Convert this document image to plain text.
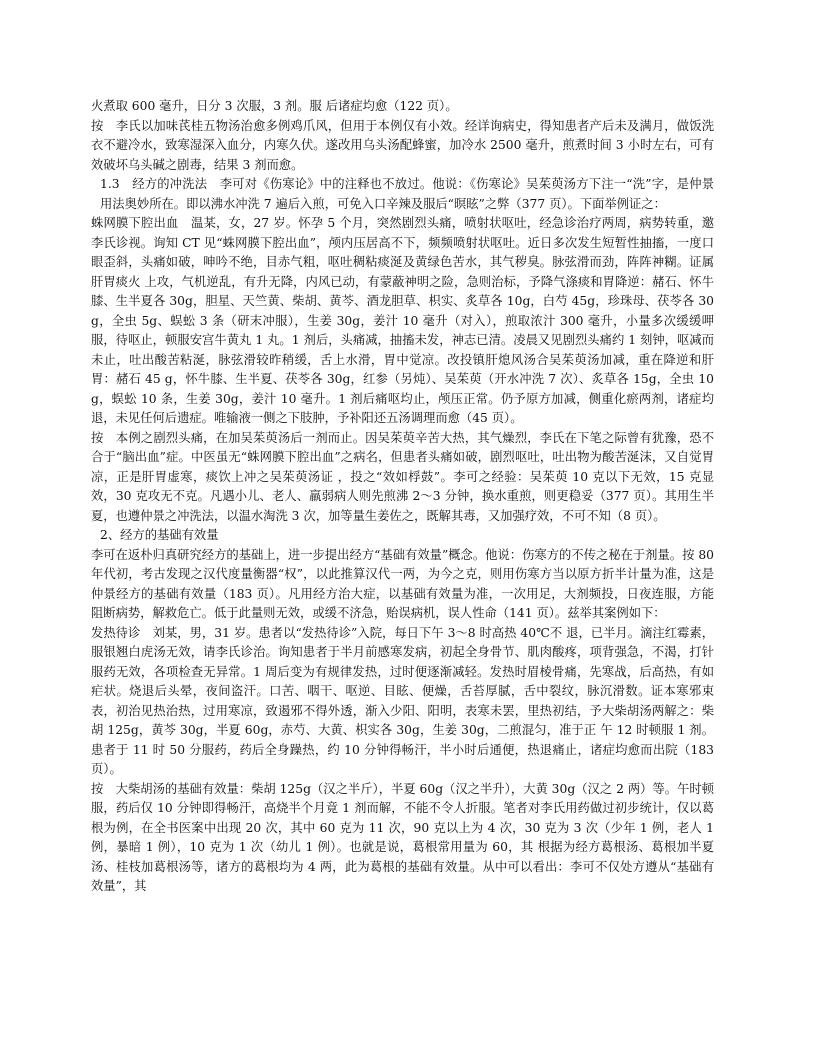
火煮取 600 毫升，日分 3 次服，3 剂。服 后诸症均愈（122 页）。

按　李氏以加味芪桂五物汤治愈多例鸡爪风，但用于本例仅有小效。经详询病史，得知患者产后未及满月，做饭洗衣不避冷水，致寒湿深入血分，内寒久伏。遂改用乌头汤配蜂蜜，加冷水 2500 毫升，煎煮时间 3 小时左右，可有效破坏乌头碱之剧毒，结果 3 剂而愈。

1.3　经方的冲洗法　李可对《伤寒论》中的注释也不放过。他说：《伤寒论》吴茱萸汤方下注一“洗”字，是仲景用法奥妙所在。即以沸水冲洗 7 遍后入煎，可免入口辛辣及服后“暝眩”之弊（377 页）。下面举例证之：

蛛网膜下腔出血　温某，女，27 岁。怀孕 5 个月，突然剧烈头痛，喷射状呕吐，经急诊治疗两周，病势转重，邀李氏诊视。询知 CT 见“蛛网膜下腔出血”，颅内压居高不下，频频喷射状呕吐。近日多次发生短暂性抽搐，一度口眼歪斜，头痛如破，呻吟不绝，目赤气粗，呕吐稠粘痰涎及黄绿色苦水，其气秽臭。脉弦滑而劲，阵阵神糊。证属肝胃痰火 上攻，气机逆乱，有升无降，内风已动，有蒙蔽神明之险，急则治标，予降气涤痰和胃降逆：赭石、怀牛膝、生半夏各 30g，胆星、天竺黄、柴胡、黄芩、酒龙胆草、枳实、炙草各 10g，白芍 45g，珍珠母、茯苓各 30g，全虫 5g、蜈蚣 3 条（研末冲服），生姜 30g，姜汁 10 毫升（对入），煎取浓汁 300 毫升，小量多次缓缓呷服，待呕止，顿服安宫牛黄丸 1 丸。1 剂后，头痛减，抽搐未发，神志已清。凌晨又见剧烈头痛约 1 刻钟，呕减而未止，吐出酸苦粘涎，脉弦滑较昨稍缓，舌上水滑，胃中觉凉。改投镇肝熄风汤合吴茱萸汤加减，重在降逆和肝胃：赭石 45 g，怀牛膝、生半夏、茯苓各 30g，红参（另炖）、吴茱萸（开水冲洗 7 次）、炙草各 15g，全虫 10g，蜈蚣 10 条，生姜 30g，姜汁 10 毫升。1 剂后痛呕均止，颅压正常。仍予原方加减，侧重化瘀两剂，诸症均退，未见任何后遗症。唯输液一侧之下肢肿，予补阳还五汤调理而愈（45 页）。

按　本例之剧烈头痛，在加吴茱萸汤后一剂而止。因吴茱萸辛苦大热，其气燥烈，李氏在下笔之际曾有犹豫，恐不合于“脑出血”症。中医虽无“蛛网膜下腔出血”之病名，但患者头痛如破，剧烈呕吐，吐出物为酸苦涎沫，又自觉胃凉，正是肝胃虚寒，痰饮上冲之吴茱萸汤证 ，投之“效如桴鼓”。李可之经验：吴茱萸 10 克以下无效，15 克显效，30 克攻无不克。凡遇小儿、老人、羸弱病人则先煎沸 2～3 分钟，换水重煎，则更稳妥（377 页）。其用生半夏，也遵仲景之冲洗法，以温水淘洗 3 次，加等量生姜佐之，既解其毒，又加强疗效，不可不知（8 页）。

2、经方的基础有效量

李可在返朴归真研究经方的基础上，进一步提出经方“基础有效量”概念。他说：伤寒方的不传之秘在于剂量。按 80 年代初，考古发现之汉代度量衡器“权”，以此推算汉代一两，为今之克，则用伤寒方当以原方折半计量为准，这是仲景经方的基础有效量（183 页）。凡用经方治大症，以基础有效量为准，一次用足，大剂频投，日夜连服，方能阻断病势，解救危亡。低于此量则无效，或缓不济急，贻误病机，误人性命（141 页）。兹举其案例如下：

发热待诊　刘某，男，31 岁。患者以“发热待诊”入院，每日下午 3～8 时高热 40℃不 退，已半月。滴注红霉素，服银翘白虎汤无效，请李氏诊治。询知患者于半月前感寒发病，初起全身骨节、肌肉酸疼，项背强急，不渴，打针服药无效，各项检查无异常。1 周后变为有规律发热，过时便逐渐减轻。发热时眉棱骨痛，先寒战，后高热，有如疟状。烧退后头晕，夜间盗汗。口苦、咽干、呕逆、目眩、便燥，舌苔厚腻，舌中裂纹，脉沉滑数。证本寒邪束表，初治见热治热，过用寒凉，致遏邪不得外透，渐入少阳、阳明，表寒未罢，里热初结，予大柴胡汤两解之：柴胡 125g，黄芩 30g，半夏 60g，赤芍、大黄、枳实各 30g，生姜 30g，二煎混匀，准于正 午 12 时顿服 1 剂。患者于 11 时 50 分服药，药后全身躁热，约 10 分钟得畅汗，半小时后通便，热退痛止，诸症均愈而出院（183 页）。

按　大柴胡汤的基础有效量：柴胡 125g（汉之半斤），半夏 60g（汉之半升），大黄 30g（汉之 2 两）等。午时顿服，药后仅 10 分钟即得畅汗，高烧半个月竟 1 剂而解，不能不令人折服。笔者对李氏用药做过初步统计，仅以葛根为例，在全书医案中出现 20 次，其中 60 克为 11 次，90 克以上为 4 次，30 克为 3 次（少年 1 例，老人 1 例，暴暗 1 例），10 克为 1 次（幼儿 1 例）。也就是说，葛根常用量为 60，其 根据为经方葛根汤、葛根加半夏汤、桂枝加葛根汤等，诸方的葛根均为 4 两，此为葛根的基础有效量。从中可以看出：李可不仅处方遵从“基础有效量”，其
